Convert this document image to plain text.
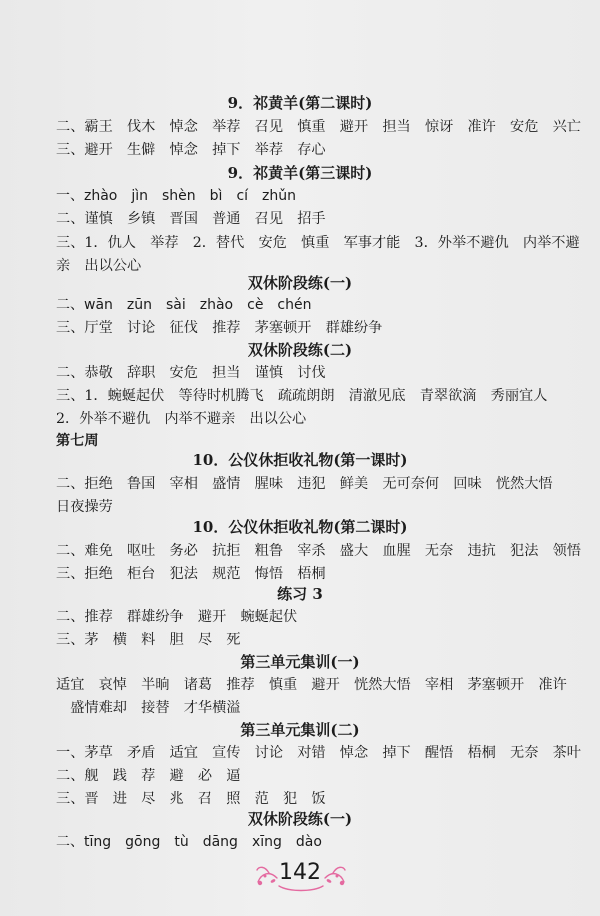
9．祁黄羊(第二课时)
二、霸王　伐木　悼念　举荐　召见　慎重　避开　担当　惊讶　准许　安危　兴亡
三、避开　生僻　悼念　掉下　举荐　存心
9．祁黄羊(第三课时)
一、zhào　jìn　shèn　bì　cí　zhǔn
二、谨慎　乡镇　晋国　普通　召见　招手
三、1．仇人　举荐　2．替代　安危　慎重　军事才能　3．外举不避仇　内举不避
亲　出以公心
双休阶段练(一)
二、wān　zūn　sài　zhào　cè　chén
三、厅堂　讨论　征伐　推荐　茅塞顿开　群雄纷争
双休阶段练(二)
二、恭敬　辞职　安危　担当　谨慎　讨伐
三、1．蜿蜒起伏　等待时机腾飞　疏疏朗朗　清澈见底　青翠欲滴　秀丽宜人
2．外举不避仇　内举不避亲　出以公心
第七周
10．公仪休拒收礼物(第一课时)
二、拒绝　鲁国　宰相　盛情　腥味　违犯　鲜美　无可奈何　回味　恍然大悟
日夜操劳
10．公仪休拒收礼物(第二课时)
二、难免　呕吐　务必　抗拒　粗鲁　宰杀　盛大　血腥　无奈　违抗　犯法　领悟
三、拒绝　柜台　犯法　规范　悔悟　梧桐
练习 3
二、推荐　群雄纷争　避开　蜿蜒起伏
三、茅　横　料　胆　尽　死
第三单元集训(一)
适宜　哀悼　半晌　诸葛　推荐　慎重　避开　恍然大悟　宰相　茅塞顿开　准许
　盛情难却　接替　才华横溢
第三单元集训(二)
一、茅草　矛盾　适宜　宣传　讨论　对错　悼念　掉下　醒悟　梧桐　无奈　茶叶
二、舰　践　荐　避　必　逼
三、晋　进　尽　兆　召　照　范　犯　饭
双休阶段练(一)
二、tīng　gōng　tù　dāng　xīng　dào
142
